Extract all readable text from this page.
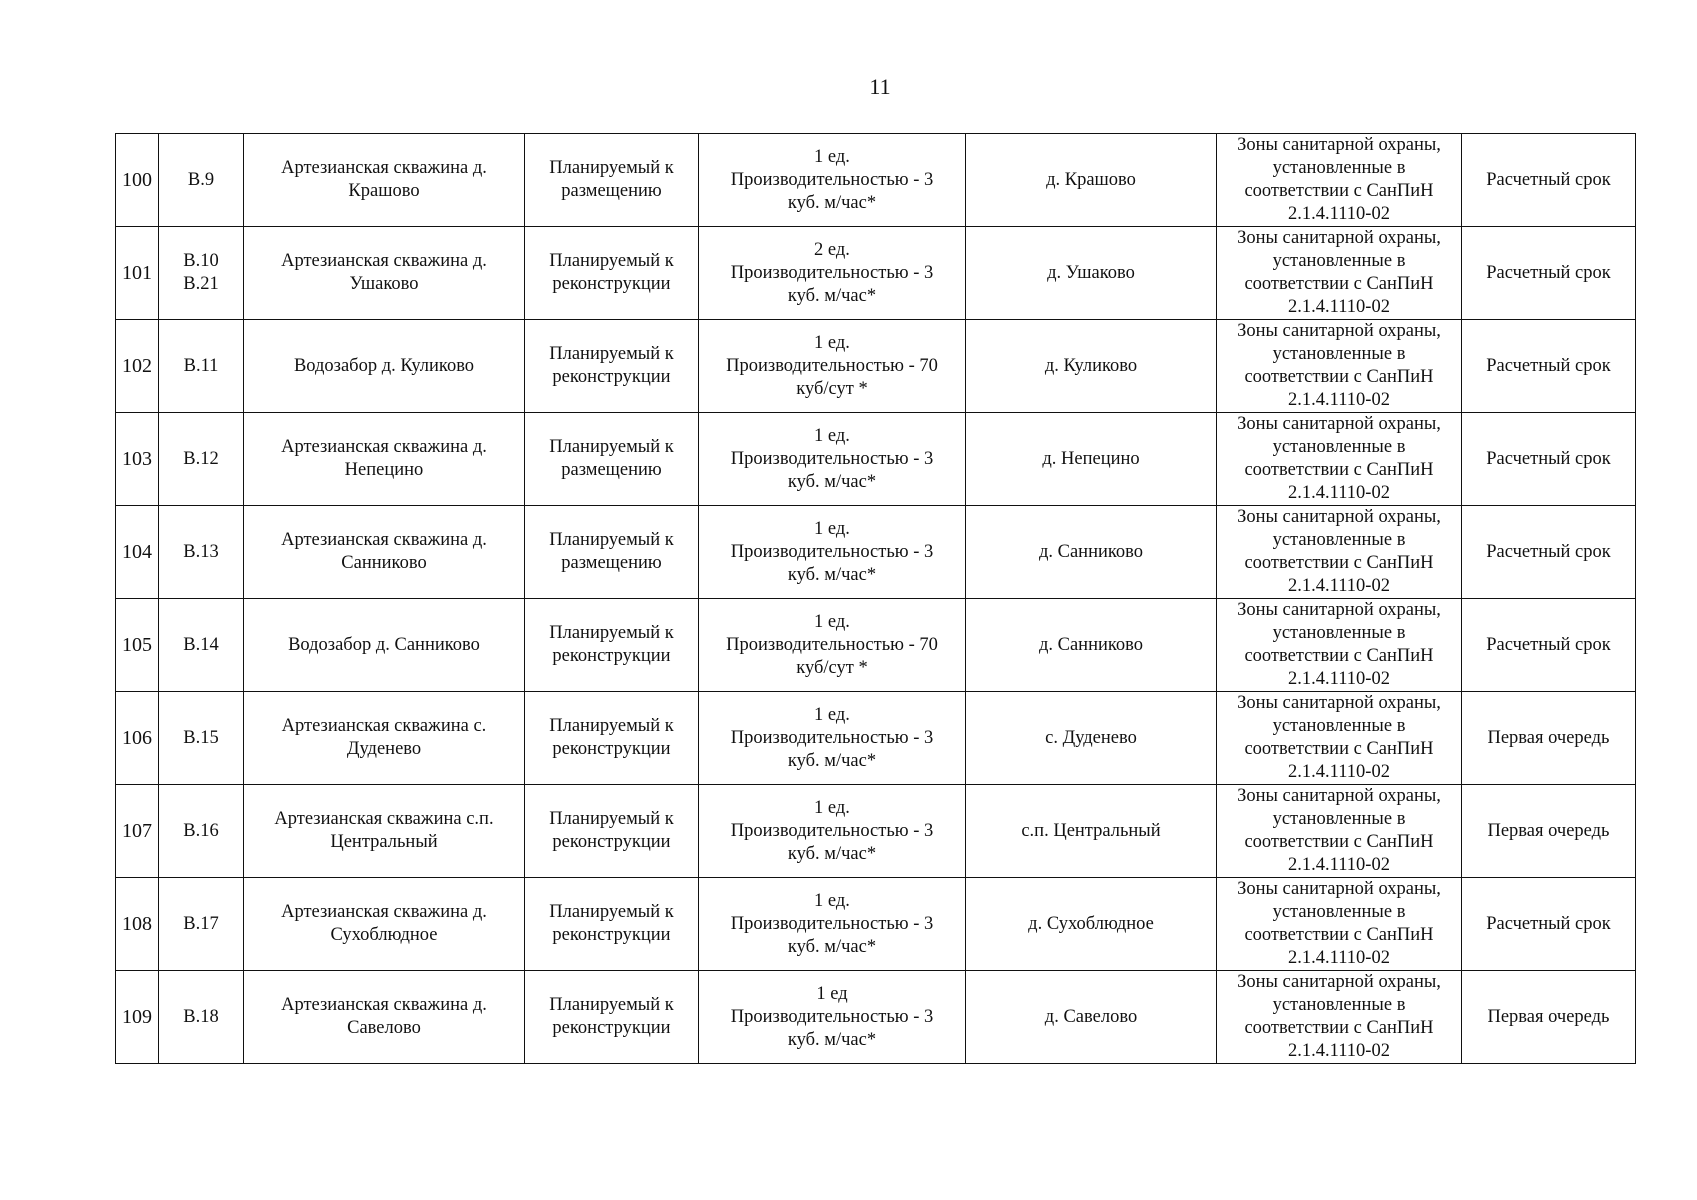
11
100	В.9	Артезианская скважина д.
Крашово	Планируемый к
размещению	1 ед.
Производительностью - 3
куб. м/час*	д. Крашово	Зоны санитарной охраны,
установленные в
соответствии с СанПиН
2.1.4.1110-02	Расчетный срок
101	В.10
В.21	Артезианская скважина д.
Ушаково	Планируемый к
реконструкции	2 ед.
Производительностью - 3
куб. м/час*	д. Ушаково	Зоны санитарной охраны,
установленные в
соответствии с СанПиН
2.1.4.1110-02	Расчетный срок
102	В.11	Водозабор д. Куликово	Планируемый к
реконструкции	1 ед.
Производительностью - 70
куб/сут *	д. Куликово	Зоны санитарной охраны,
установленные в
соответствии с СанПиН
2.1.4.1110-02	Расчетный срок
103	В.12	Артезианская скважина д.
Непецино	Планируемый к
размещению	1 ед.
Производительностью - 3
куб. м/час*	д. Непецино	Зоны санитарной охраны,
установленные в
соответствии с СанПиН
2.1.4.1110-02	Расчетный срок
104	В.13	Артезианская скважина д.
Санниково	Планируемый к
размещению	1 ед.
Производительностью - 3
куб. м/час*	д. Санниково	Зоны санитарной охраны,
установленные в
соответствии с СанПиН
2.1.4.1110-02	Расчетный срок
105	В.14	Водозабор д. Санниково	Планируемый к
реконструкции	1 ед.
Производительностью - 70
куб/сут *	д. Санниково	Зоны санитарной охраны,
установленные в
соответствии с СанПиН
2.1.4.1110-02	Расчетный срок
106	В.15	Артезианская скважина с.
Дуденево	Планируемый к
реконструкции	1 ед.
Производительностью - 3
куб. м/час*	с. Дуденево	Зоны санитарной охраны,
установленные в
соответствии с СанПиН
2.1.4.1110-02	Первая очередь
107	В.16	Артезианская скважина с.п.
Центральный	Планируемый к
реконструкции	1 ед.
Производительностью - 3
куб. м/час*	с.п. Центральный	Зоны санитарной охраны,
установленные в
соответствии с СанПиН
2.1.4.1110-02	Первая очередь
108	В.17	Артезианская скважина д.
Сухоблюдное	Планируемый к
реконструкции	1 ед.
Производительностью - 3
куб. м/час*	д. Сухоблюдное	Зоны санитарной охраны,
установленные в
соответствии с СанПиН
2.1.4.1110-02	Расчетный срок
109	В.18	Артезианская скважина д.
Савелово	Планируемый к
реконструкции	1 ед
Производительностью - 3
куб. м/час*	д. Савелово	Зоны санитарной охраны,
установленные в
соответствии с СанПиН
2.1.4.1110-02	Первая очередь
